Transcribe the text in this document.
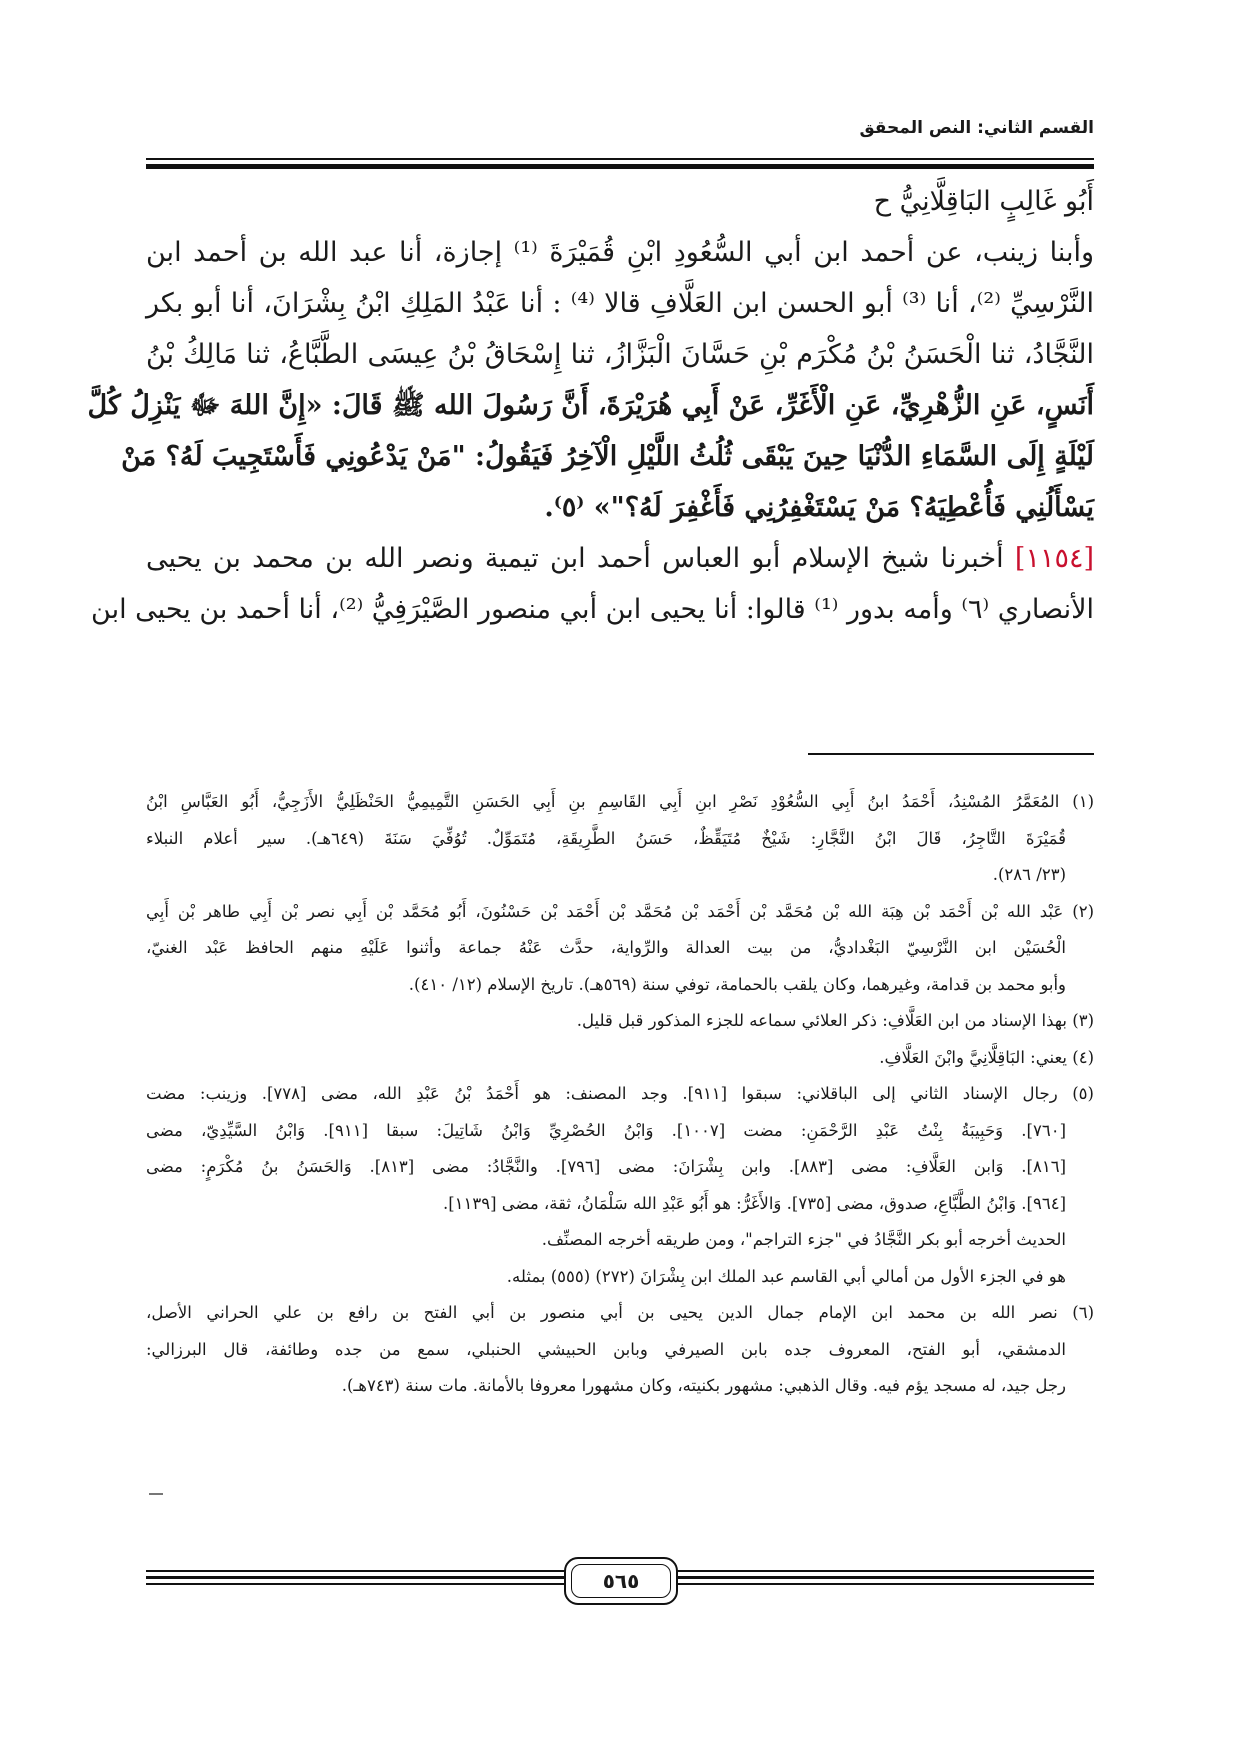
القسم الثاني: النص المحقق

أَبُو غَالِبٍ البَاقِلَّانِيُّ ح

وأبنا زينب، عن أحمد ابن أبي السُّعُودِ ابْنِ قُمَيْرَةَ ⁽¹⁾ إجازة، أنا عبد الله بن أحمد ابن

النَّرْسِيِّ ⁽²⁾، أنا ⁽³⁾ أبو الحسن ابن العَلَّافِ قالا ⁽⁴⁾ : أنا عَبْدُ المَلِكِ ابْنُ بِشْرَانَ، أنا أبو بكر

النَّجَّادُ، ثنا الْحَسَنُ بْنُ مُكْرَم بْنِ حَسَّانَ الْبَزَّازُ، ثنا إِسْحَاقُ بْنُ عِيسَى الطَّبَّاعُ، ثنا مَالِكُ بْنُ

أَنَسٍ، عَنِ الزُّهْرِيِّ، عَنِ الْأَغَرِّ، عَنْ أَبِي هُرَيْرَةَ، أَنَّ رَسُولَ الله ﷺ قَالَ: «إِنَّ اللهَ ﷻ يَنْزِلُ كُلَّ

لَيْلَةٍ إِلَى السَّمَاءِ الدُّنْيَا حِينَ يَبْقَى ثُلُثُ اللَّيْلِ الْآخِرُ فَيَقُولُ: "مَنْ يَدْعُونِي فَأَسْتَجِيبَ لَهُ؟ مَنْ

يَسْأَلُنِي فَأُعْطِيَهُ؟ مَنْ يَسْتَغْفِرُنِي فَأَغْفِرَ لَهُ؟"» ⁽٥⁾.

[١١٥٤] أخبرنا شيخ الإسلام أبو العباس أحمد ابن تيمية ونصر الله بن محمد بن يحيى

الأنصاري ⁽٦⁾ وأمه بدور ⁽¹⁾ قالوا: أنا يحيى ابن أبي منصور الصَّيْرَفِيُّ ⁽²⁾، أنا أحمد بن يحيى ابن

(١) المُعَمَّرُ المُسْنِدُ، أَحْمَدُ ابنُ أَبِي السُّعُوْدِ نَصْرِ ابنِ أَبِي القَاسِمِ بنِ أَبِي الحَسَنِ التَّمِيمِيُّ الحَنْظَلِيُّ الأَزَجِيُّ، أَبُو العَبَّاسِ ابْنُ

قُمَيْرَةَ التَّاجِرُ، قَالَ ابْنُ النَّجَّارِ: شَيْخٌ مُتَيَقِّظٌ، حَسَنُ الطَّرِيقَةِ، مُتَمَوِّلٌ. تُوُفِّيَ سَنَةَ (٦٤٩هـ). سير أعلام النبلاء

(٢٣/ ٢٨٦).

(٢) عَبْد الله بْن أَحْمَد بْن هِبَة الله بْن مُحَمَّد بْن أَحْمَد بْن مُحَمَّد بْن أَحْمَد بْن حَسْنُونَ، أَبُو مُحَمَّد بْن أَبِي نصر بْن أَبِي طاهر بْن أَبِي

الْحُسَيْن ابن النَّرْسِيّ البَغْداديُّ، من بيت العدالة والرِّواية، حدَّث عَنْهُ جماعة وأثنوا عَلَيْهِ منهم الحافظ عَبْد الغنيّ،

وأبو محمد بن قدامة، وغيرهما، وكان يلقب بالحمامة، توفي سنة (٥٦٩هـ). تاريخ الإسلام (١٢/ ٤١٠).

(٣) بهذا الإسناد من ابن العَلَّافِ: ذكر العلائي سماعه للجزء المذكور قبل قليل.

(٤) يعني: البَاقِلَّانِيَّ وابْنَ العَلَّافِ.

(٥) رجال الإسناد الثاني إلى الباقلاني: سبقوا [٩١١]. وجد المصنف: هو أَحْمَدُ بْنُ عَبْدِ الله، مضى [٧٧٨]. وزينب: مضت

[٧٦٠]. وَحَبِيبَةُ بِنْتُ عَبْدِ الرَّحْمَنِ: مضت [١٠٠٧]. وَابْنُ الحُصْرِيِّ وَابْنُ شَاتِيلَ: سبقا [٩١١]. وَابْنُ السَّيِّدِيّ، مضى

[٨١٦]. وَابن العَلَّافِ: مضى [٨٨٣]. وابن بِشْرَانَ: مضى [٧٩٦]. والنَّجَّادُ: مضى [٨١٣]. وَالحَسَنُ بنُ مُكْرَمٍ: مضى

[٩٦٤]. وَابْنُ الطَّبَّاعِ، صدوق، مضى [٧٣٥]. وَالأَغَرُّ: هو أَبُو عَبْدِ الله سَلْمَانُ، ثقة، مضى [١١٣٩].

الحديث أخرجه أبو بكر النَّجَّادُ في "جزء التراجم"، ومن طريقه أخرجه المصنِّف.

هو في الجزء الأول من أمالي أبي القاسم عبد الملك ابن بِشْرَانَ (٢٧٢) (٥٥٥) بمثله.

(٦) نصر الله بن محمد ابن الإمام جمال الدين يحيى بن أبي منصور بن أبي الفتح بن رافع بن علي الحراني الأصل،

الدمشقي، أبو الفتح، المعروف جده بابن الصيرفي وبابن الحبيشي الحنبلي، سمع من جده وطائفة، قال البرزالي:

رجل جيد، له مسجد يؤم فيه. وقال الذهبي: مشهور بكنيته، وكان مشهورا معروفا بالأمانة. مات سنة (٧٤٣هـ).

٥٦٥
